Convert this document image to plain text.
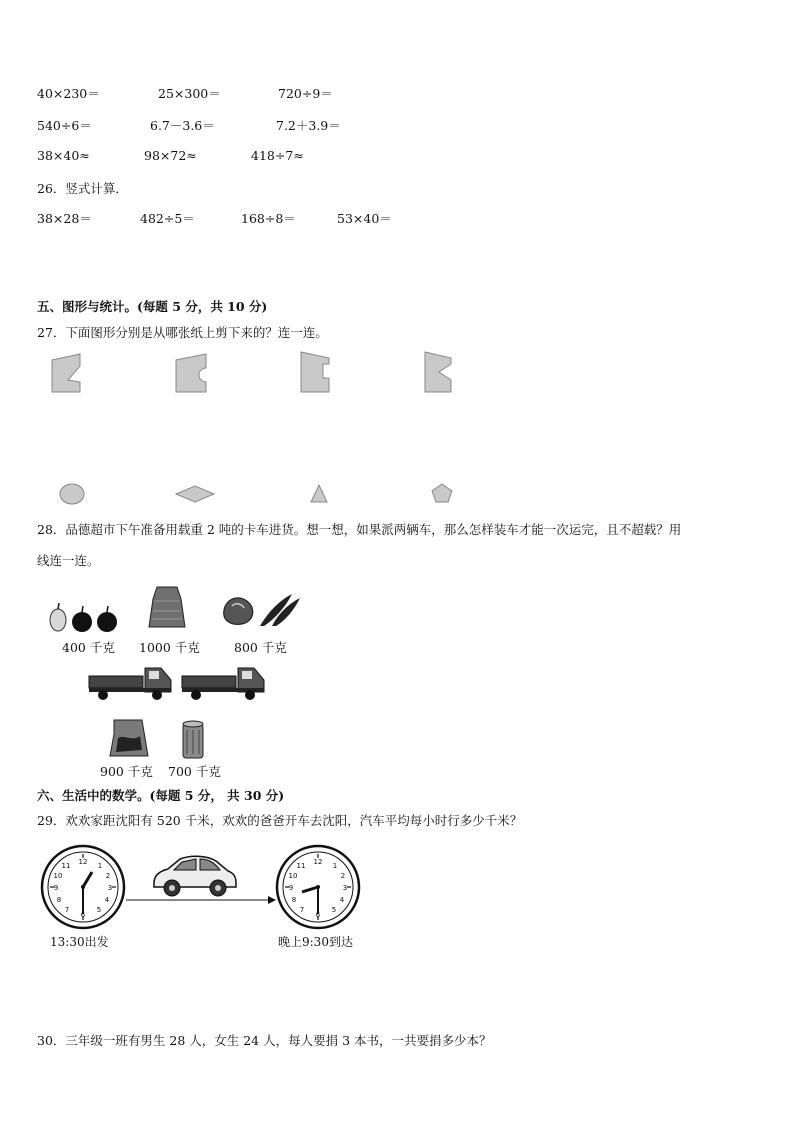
40×230＝	25×300＝	720÷9＝
540÷6＝	6.7－3.6＝	7.2＋3.9＝
38×40≈	98×72≈	418÷7≈
26．竖式计算．
38×28＝	482÷5＝	168÷8＝	53×40＝
五、图形与统计。(每题 5 分，共 10 分)
27．下面图形分别是从哪张纸上剪下来的？连一连。
28．品德超市下午准备用载重 2 吨的卡车进货。想一想，如果派两辆车，那么怎样装车才能一次运完，且不超载？用
线连一连。
400 千克 1000 千克	800 千克
900 千克 700 千克
六、生活中的数学。(每题 5 分， 共 30 分)
29．欢欢家距沈阳有 520 千米，欢欢的爸爸开车去沈阳，汽车平均每小时行多少千米？
12 1
2
3
4
5
6
7
8
9
10
11
13:30出发
12 1
2
3
4
5
6
7
8
9
10
11
晚上9:30到达
30．三年级一班有男生 28 人，女生 24 人，每人要捐 3 本书，一共要捐多少本？
